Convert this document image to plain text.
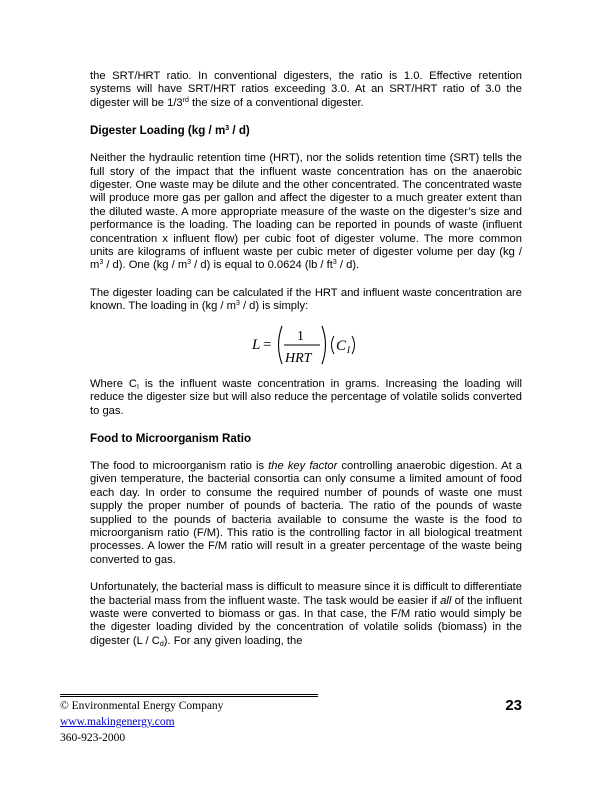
the SRT/HRT ratio. In conventional digesters, the ratio is 1.0. Effective retention systems will have SRT/HRT ratios exceeding 3.0. At an SRT/HRT ratio of 3.0 the digester will be 1/3rd the size of a conventional digester.

Digester Loading $(kg / m^3 / d)$

Neither the hydraulic retention time (HRT), nor the solids retention time (SRT) tells the full story of the impact that the influent waste concentration has on the anaerobic digester. One waste may be dilute and the other concentrated. The concentrated waste will produce more gas per gallon and affect the digester to a much greater extent than the diluted waste. A more appropriate measure of the waste on the digester’s size and performance is the loading. The loading can be reported in pounds of waste (influent concentration x influent flow) per cubic foot of digester volume. The more common units are kilograms of influent waste per cubic meter of digester volume per day $(kg / m^3 / d)$. One $(kg / m^3 / d)$ is equal to 0.0624 $(lb / ft^3 / d)$.

The digester loading can be calculated if the HRT and influent waste concentration are known. The loading in $(kg / m^3 / d)$ is simply:

L =
1
HRT
C I

Where $C_I$ is the influent waste concentration in grams. Increasing the loading will reduce the digester size but will also reduce the percentage of volatile solids converted to gas.

Food to Microorganism Ratio

The food to microorganism ratio is the key factor controlling anaerobic digestion. At a given temperature, the bacterial consortia can only consume a limited amount of food each day. In order to consume the required number of pounds of waste one must supply the proper number of pounds of bacteria. The ratio of the pounds of waste supplied to the pounds of bacteria available to consume the waste is the food to microorganism ratio (F/M). This ratio is the controlling factor in all biological treatment processes. A lower the F/M ratio will result in a greater percentage of the waste being converted to gas.

Unfortunately, the bacterial mass is difficult to measure since it is difficult to differentiate the bacterial mass from the influent waste. The task would be easier if all of the influent waste were converted to biomass or gas. In that case, the F/M ratio would simply be the digester loading divided by the concentration of volatile solids (biomass) in the digester $(L / C_d)$. For any given loading, the

© Environmental Energy Company
www.makingenergy.com
360-923-2000
23
